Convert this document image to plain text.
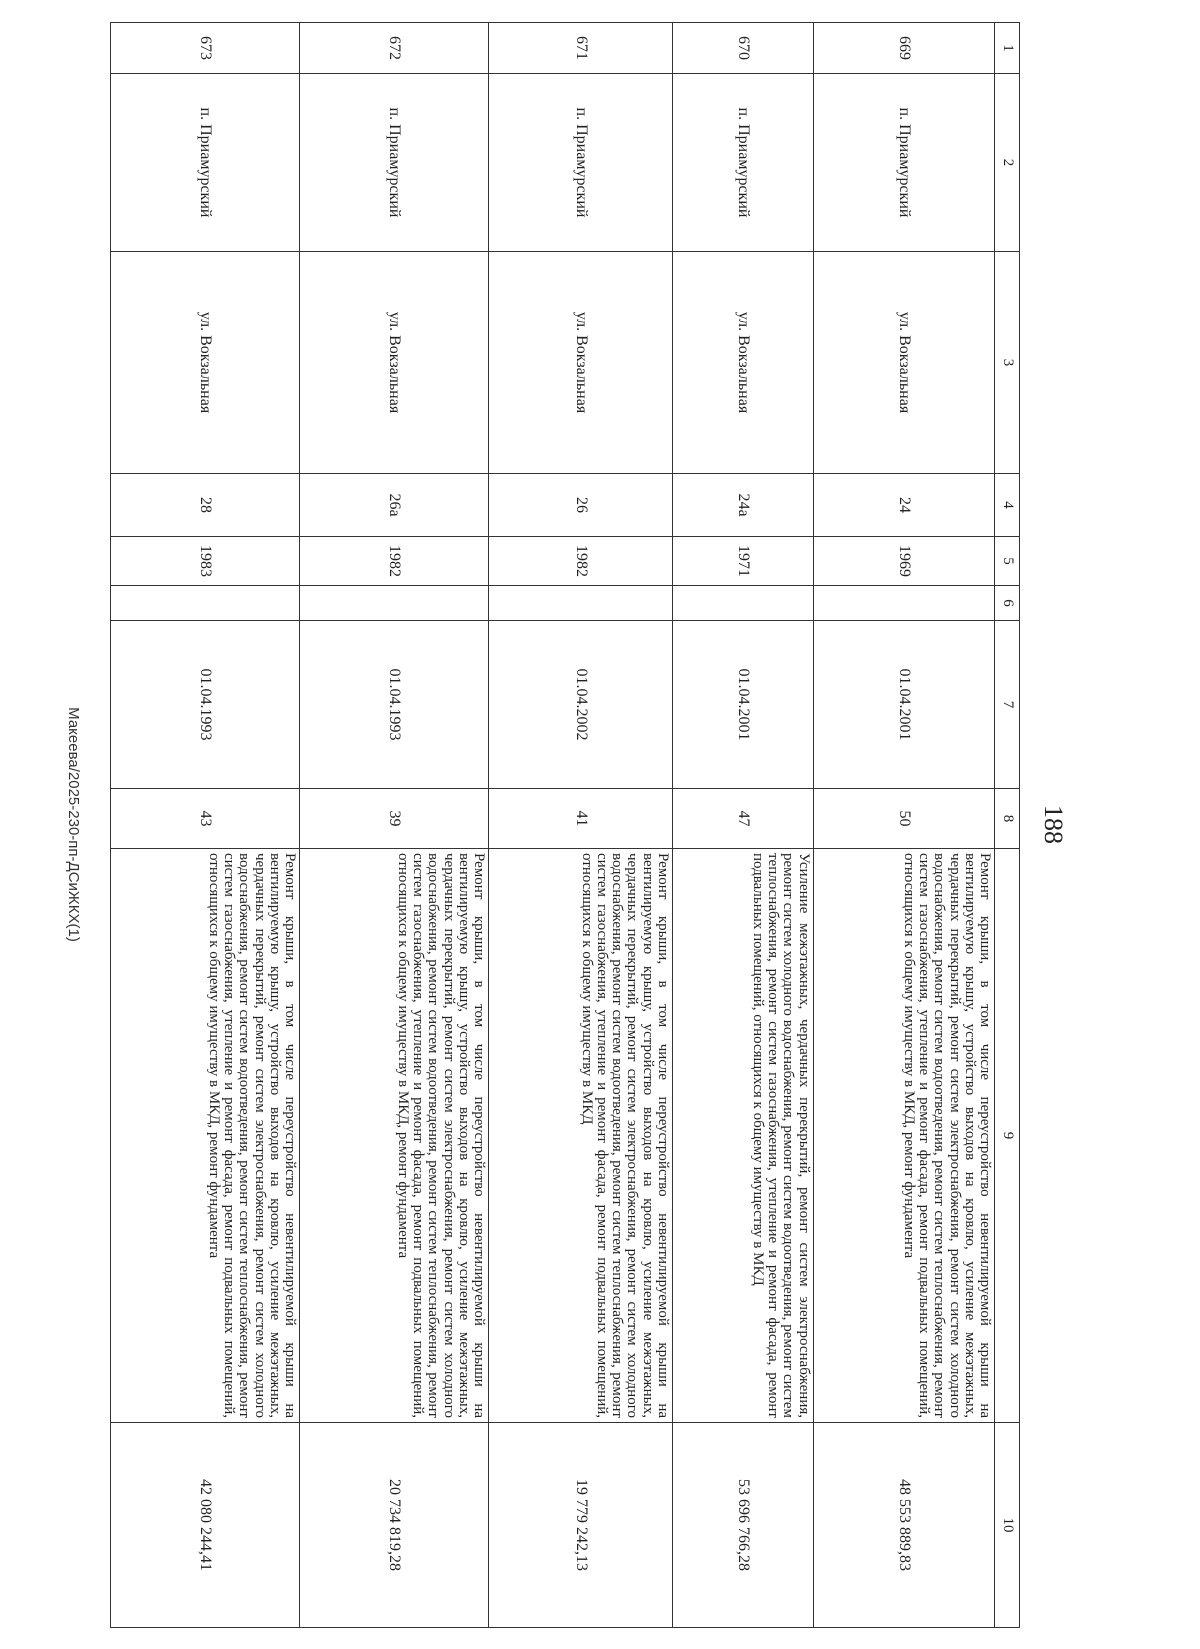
188
1	2	3	4	5	6	7	8	9	10
669	п. Приамурский	ул. Вокзальная	24	1969		01.04.2001	50	Ремонт крыши, в том числе переустройство невентилируемой крыши на вентилируемую крышу, устройство выходов на кровлю, усиление межэтажных, чердачных перекрытий, ремонт систем электроснабжения, ремонт систем холодного водоснабжения, ремонт систем водоотведения, ремонт систем теплоснабжения, ремонт систем газоснабжения, утепление и ремонт фасада, ремонт подвальных помещений, относящихся к общему имуществу в МКД, ремонт фундамента	48 553 889,83
670	п. Приамурский	ул. Вокзальная	24а	1971		01.04.2001	47	Усиление межэтажных, чердачных перекрытий, ремонт систем электроснабжения, ремонт систем холодного водоснабжения, ремонт систем водоотведения, ремонт систем теплоснабжения, ремонт систем газоснабжения, утепление и ремонт фасада, ремонт подвальных помещений, относящихся к общему имуществу в МКД	53 696 766,28
671	п. Приамурский	ул. Вокзальная	26	1982		01.04.2002	41	Ремонт крыши, в том числе переустройство невентилируемой крыши на вентилируемую крышу, устройство выходов на кровлю, усиление межэтажных, чердачных перекрытий, ремонт систем электроснабжения, ремонт систем холодного водоснабжения, ремонт систем водоотведения, ремонт систем теплоснабжения, ремонт систем газоснабжения, утепление и ремонт фасада, ремонт подвальных помещений, относящихся к общему имуществу в МКД	19 779 242,13
672	п. Приамурский	ул. Вокзальная	26а	1982		01.04.1993	39	Ремонт крыши, в том числе переустройство невентилируемой крыши на вентилируемую крышу, устройство выходов на кровлю, усиление межэтажных, чердачных перекрытий, ремонт систем электроснабжения, ремонт систем холодного водоснабжения, ремонт систем водоотведения, ремонт систем теплоснабжения, ремонт систем газоснабжения, утепление и ремонт фасада, ремонт подвальных помещений, относящихся к общему имуществу в МКД, ремонт фундамента	20 734 819,28
673	п. Приамурский	ул. Вокзальная	28	1983		01.04.1993	43	Ремонт крыши, в том числе переустройство невентилируемой крыши на вентилируемую крышу, устройство выходов на кровлю, усиление межэтажных, чердачных перекрытий, ремонт систем электроснабжения, ремонт систем холодного водоснабжения, ремонт систем водоотведения, ремонт систем теплоснабжения, ремонт систем газоснабжения, утепление и ремонт фасада, ремонт подвальных помещений, относящихся к общему имуществу в МКД, ремонт фундамента	42 080 244,41
Макеева/2025-230-пп-ДСиЖКХ(1)
